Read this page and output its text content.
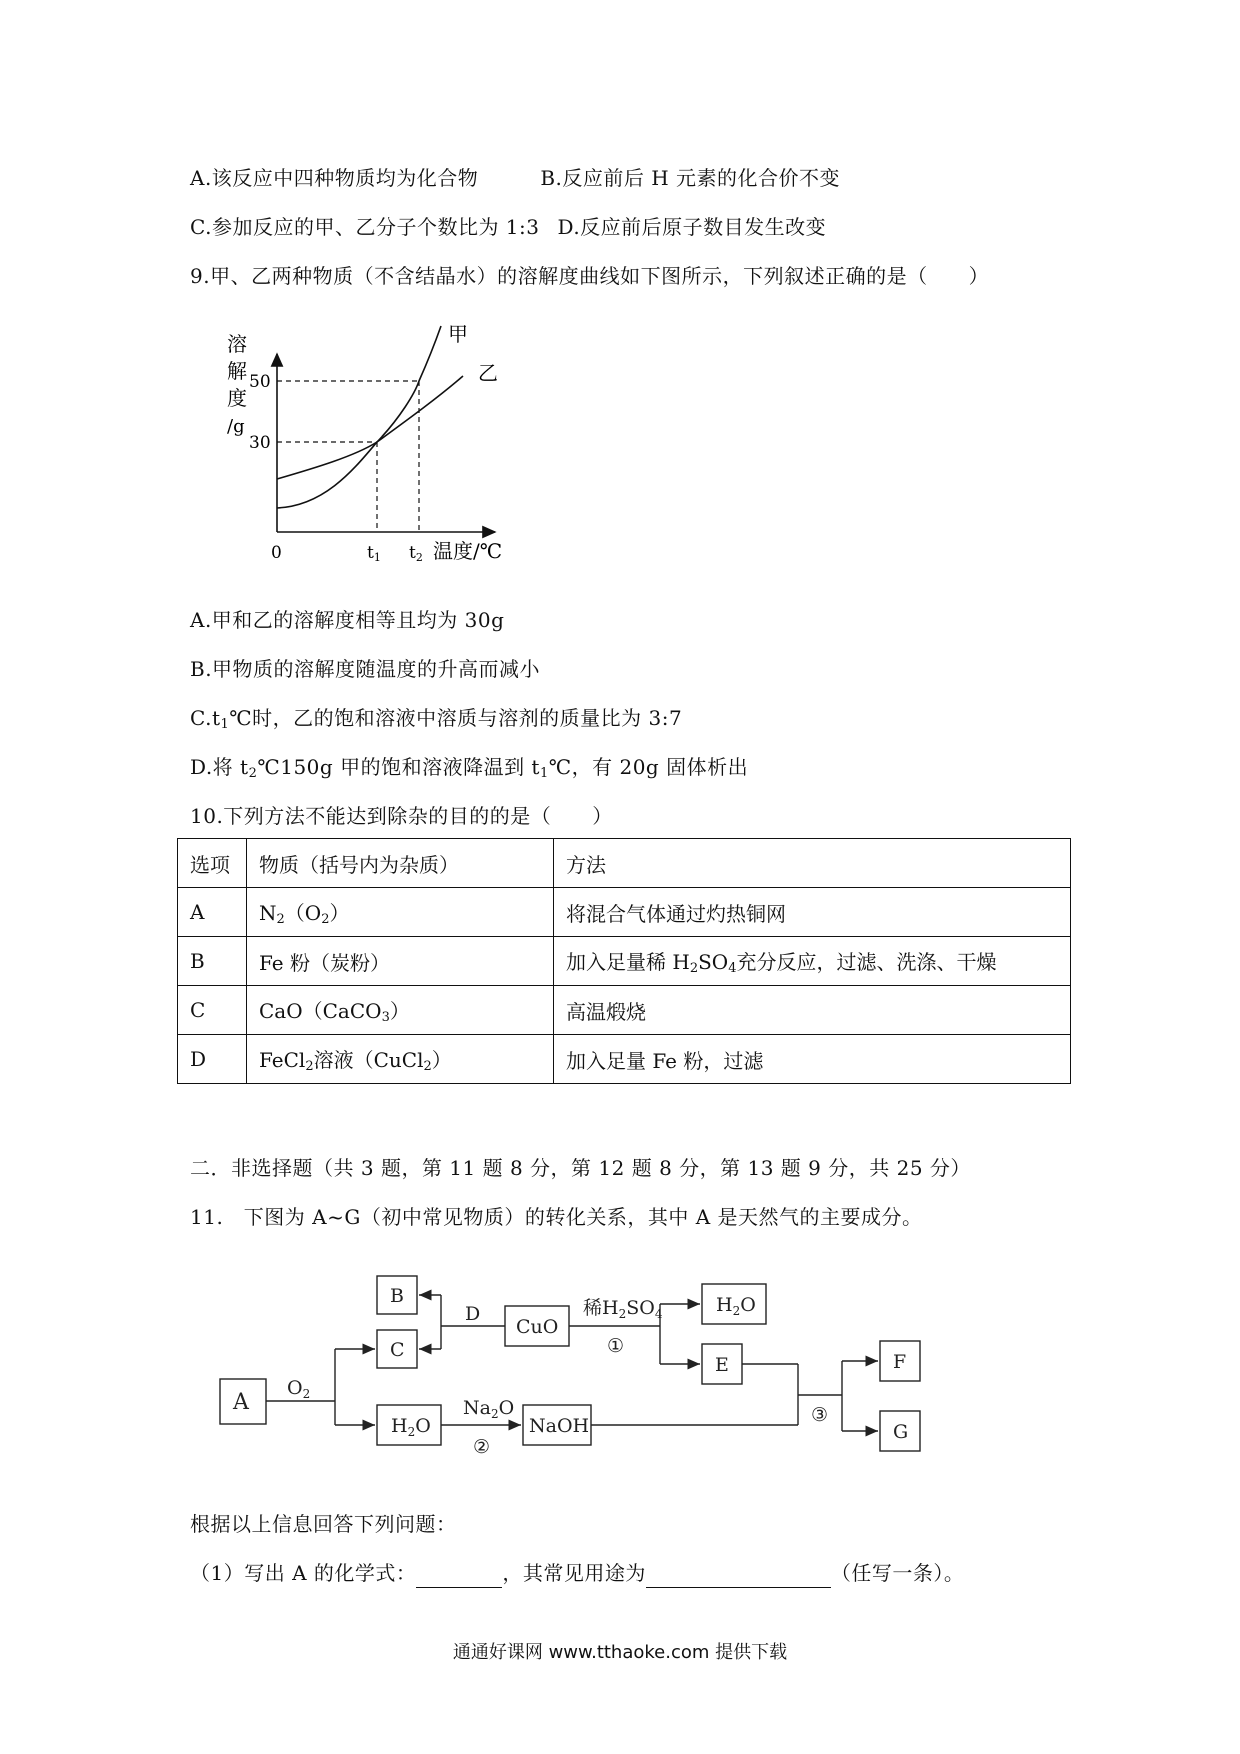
A.该反应中四种物质均为化合物	B.反应前后 H 元素的化合价不变
C.参加反应的甲、乙分子个数比为 1:3 D.反应前后原子数目发生改变
9.甲、乙两种物质（不含结晶水）的溶解度曲线如下图所示，下列叙述正确的是（　　）
溶
解
度
/g
50
30
0	t1 t2 温度/℃
甲
乙
A.甲和乙的溶解度相等且均为 30g
B.甲物质的溶解度随温度的升高而减小
$C.t_1℃$时，乙的饱和溶液中溶质与溶剂的质量比为 3:7
D.将 $t_2℃150g$ 甲的饱和溶液降温到 $t_1℃$，有 20g 固体析出
10.下列方法不能达到除杂的目的的是（　　）
选项	物质（括号内为杂质）	方法
A	$N_2(O_2)$	将混合气体通过灼热铜网
B	Fe 粉（炭粉）	加入足量稀 $H_2SO_4$充分反应，过滤、洗涤、干燥
C	CaO（CaCO$_3$）	高温煅烧
D	FeCl$_2$溶液（CuCl$_2$）	加入足量 Fe 粉，过滤
二．非选择题（共 3 题，第 11 题 8 分，第 12 题 8 分，第 13 题 9 分，共 25 分）
11.　下图为 A~G（初中常见物质）的转化关系，其中 A 是天然气的主要成分。
A
B
C
D
CuO
E	F
G
NaOH
$H_2O$
$H_2O$
$O_2$
$Na_2O$
稀$H_2SO_4$
①
②
③
根据以上信息回答下列问题：
（1）写出 A 的化学式：	，其常见用途为	（任写一条）。
通通好课网 www.tthaoke.com 提供下载
